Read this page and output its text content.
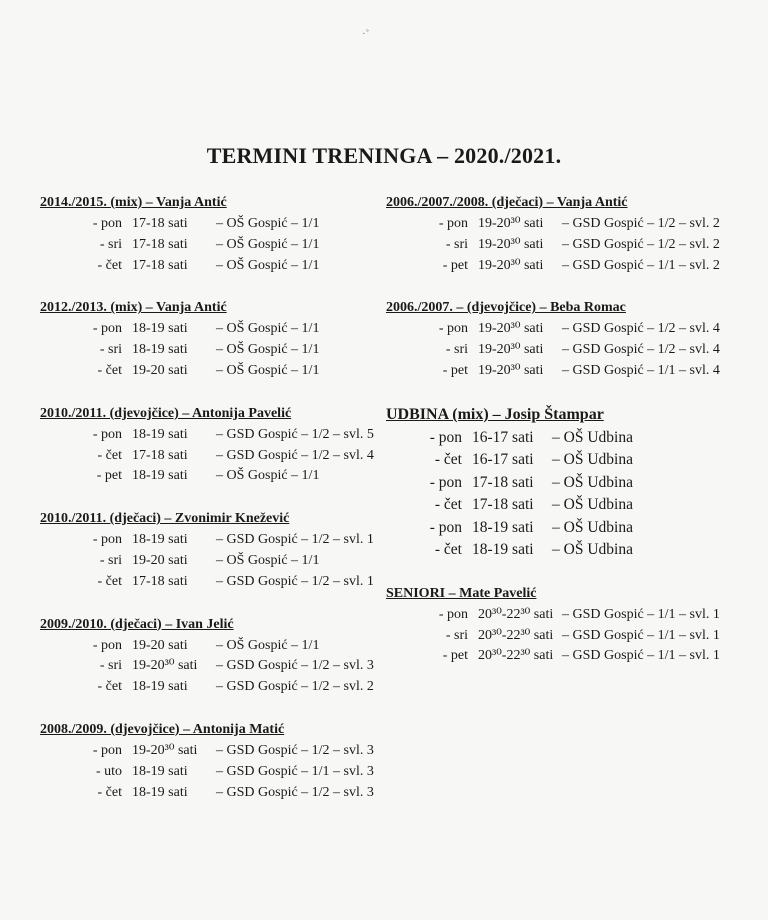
·˚
TERMINI TRENINGA – 2020./2021.
2014./2015. (mix) – Vanja Antić
- pon 17-18 sati	– OŠ Gospić – 1/1
- sri 17-18 sati	– OŠ Gospić – 1/1
- čet 17-18 sati	– OŠ Gospić – 1/1
2012./2013. (mix) – Vanja Antić
- pon 18-19 sati	– OŠ Gospić – 1/1
- sri 18-19 sati	– OŠ Gospić – 1/1
- čet 19-20 sati	– OŠ Gospić – 1/1
2010./2011. (djevojčice) – Antonija Pavelić
- pon 18-19 sati	– GSD Gospić – 1/2 – svl. 5
- čet 17-18 sati	– GSD Gospić – 1/2 – svl. 4
- pet 18-19 sati	– OŠ Gospić – 1/1
2010./2011. (dječaci) – Zvonimir Knežević
- pon 18-19 sati	– GSD Gospić – 1/2 – svl. 1
- sri 19-20 sati	– OŠ Gospić – 1/1
- čet 17-18 sati	– GSD Gospić – 1/2 – svl. 1
2009./2010. (dječaci) – Ivan Jelić
- pon 19-20 sati	– OŠ Gospić – 1/1
- sri 19-20³⁰ sati	– GSD Gospić – 1/2 – svl. 3
- čet 18-19 sati	– GSD Gospić – 1/2 – svl. 2
2008./2009. (djevojčice) – Antonija Matić
- pon 19-20³⁰ sati	– GSD Gospić – 1/2 – svl. 3
- uto 18-19 sati	– GSD Gospić – 1/1 – svl. 3
- čet 18-19 sati	– GSD Gospić – 1/2 – svl. 3
2006./2007./2008. (dječaci) – Vanja Antić
- pon 19-20³⁰ sati	– GSD Gospić – 1/2 – svl. 2
- sri 19-20³⁰ sati	– GSD Gospić – 1/2 – svl. 2
- pet 19-20³⁰ sati	– GSD Gospić – 1/1 – svl. 2
2006./2007. – (djevojčice) – Beba Romac
- pon 19-20³⁰ sati	– GSD Gospić – 1/2 – svl. 4
- sri 19-20³⁰ sati	– GSD Gospić – 1/2 – svl. 4
- pet 19-20³⁰ sati	– GSD Gospić – 1/1 – svl. 4
UDBINA (mix) – Josip Štampar
- pon 16-17 sati	– OŠ Udbina
- čet 16-17 sati	– OŠ Udbina
- pon 17-18 sati	– OŠ Udbina
- čet 17-18 sati	– OŠ Udbina
- pon 18-19 sati	– OŠ Udbina
- čet 18-19 sati	– OŠ Udbina
SENIORI – Mate Pavelić
- pon 20³⁰-22³⁰ sati – GSD Gospić – 1/1 – svl. 1
- sri 20³⁰-22³⁰ sati – GSD Gospić – 1/1 – svl. 1
- pet 20³⁰-22³⁰ sati – GSD Gospić – 1/1 – svl. 1
